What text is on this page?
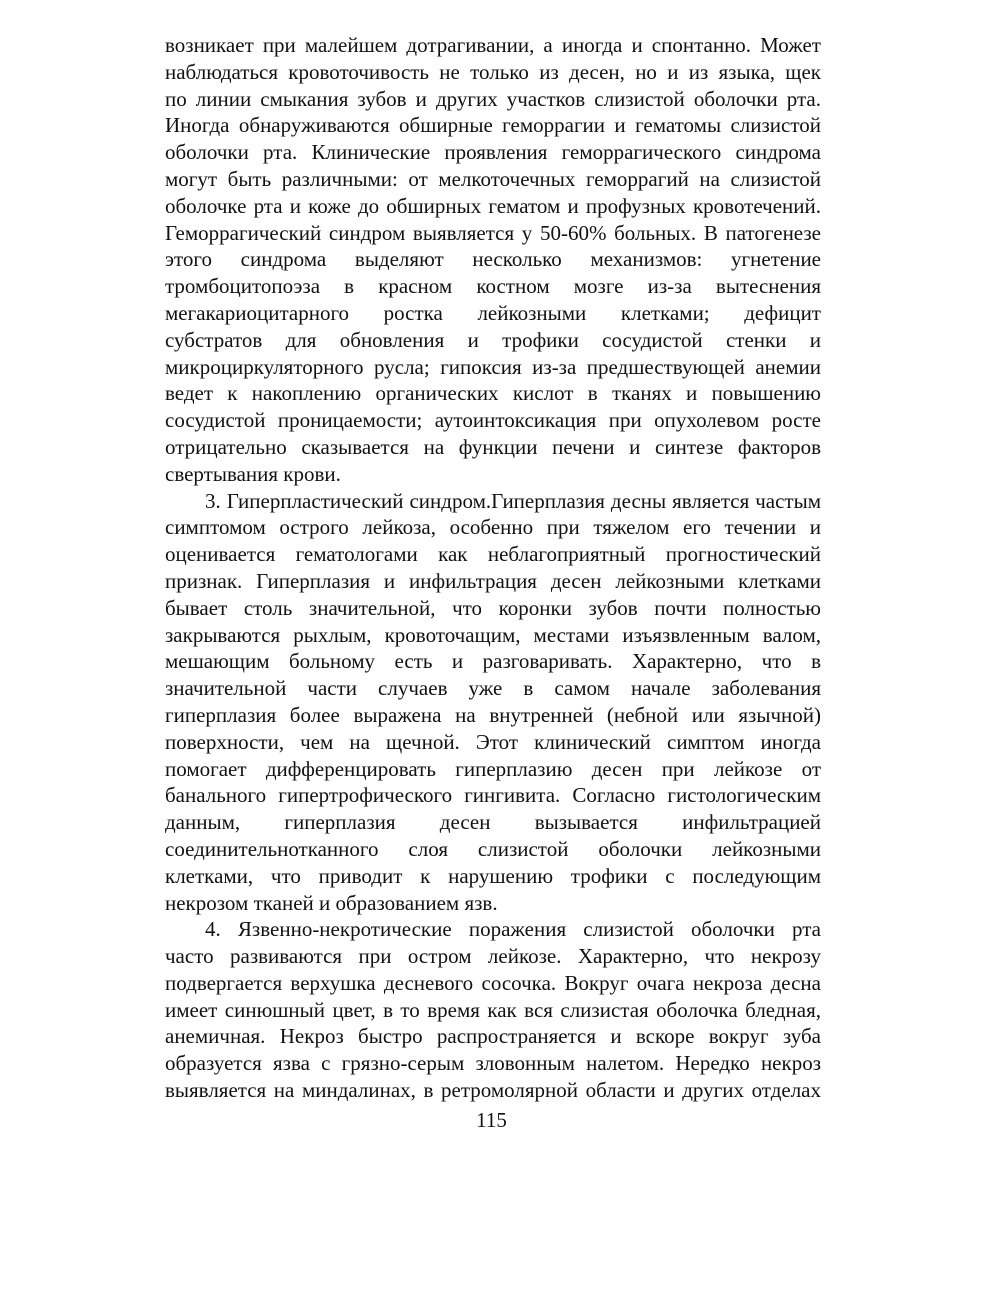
возникает при малейшем дотрагивании, а иногда и спонтанно. Может
наблюдаться кровоточивость не только из десен, но и из языка, щек
по линии смыкания зубов и других участков слизистой оболочки рта.
Иногда обнаруживаются обширные геморрагии и гематомы слизистой
оболочки рта. Клинические проявления геморрагического синдрома
могут быть различными: от мелкоточечных геморрагий на слизистой
оболочке рта и коже до обширных гематом и профузных кровотечений.
Геморрагический синдром выявляется у 50-60% больных. В патогенезе
этого синдрома выделяют несколько механизмов: угнетение
тромбоцитопоэза в красном костном мозге из-за вытеснения
мегакариоцитарного ростка лейкозными клетками; дефицит
субстратов для обновления и трофики сосудистой стенки и
микроциркуляторного русла; гипоксия из-за предшествующей анемии
ведет к накоплению органических кислот в тканях и повышению
сосудистой проницаемости; аутоинтоксикация при опухолевом росте
отрицательно сказывается на функции печени и синтезе факторов
свертывания крови.
3. Гиперпластический синдром.Гиперплазия десны является частым
симптомом острого лейкоза, особенно при тяжелом его течении и
оценивается гематологами как неблагоприятный прогностический
признак. Гиперплазия и инфильтрация десен лейкозными клетками
бывает столь значительной, что коронки зубов почти полностью
закрываются рыхлым, кровоточащим, местами изъязвленным валом,
мешающим больному есть и разговаривать. Характерно, что в
значительной части случаев уже в самом начале заболевания
гиперплазия более выражена на внутренней (небной или язычной)
поверхности, чем на щечной. Этот клинический симптом иногда
помогает дифференцировать гиперплазию десен при лейкозе от
банального гипертрофического гингивита. Согласно гистологическим
данным, гиперплазия десен вызывается инфильтрацией
соединительнотканного слоя слизистой оболочки лейкозными
клетками, что приводит к нарушению трофики с последующим
некрозом тканей и образованием язв.
4. Язвенно-некротические поражения слизистой оболочки рта
часто развиваются при остром лейкозе. Характерно, что некрозу
подвергается верхушка десневого сосочка. Вокруг очага некроза десна
имеет синюшный цвет, в то время как вся слизистая оболочка бледная,
анемичная. Некроз быстро распространяется и вскоре вокруг зуба
образуется язва с грязно-серым зловонным налетом. Нередко некроз
выявляется на миндалинах, в ретромолярной области и других отделах
115
